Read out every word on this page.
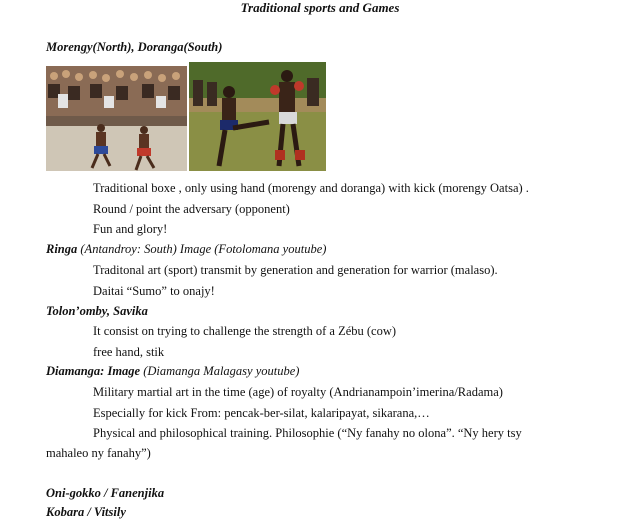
Traditional sports and Games
Morengy(North), Doranga(South)
Traditional boxe , only using hand (morengy and doranga) with kick (morengy Oatsa) .
Round / point the adversary (opponent)
Fun and glory!
Ringa (Antandroy: South) Image (Fotolomana youtube)
Traditonal art (sport) transmit by generation and generation for warrior (malaso).
Daitai “Sumo” to onajy!
Tolon’omby, Savika
It consist on trying to challenge the strength of a Zébu (cow)
free hand, stik
Diamanga: Image (Diamanga Malagasy youtube)
Military martial art in the time (age) of royalty (Andrianampoin’imerina/Radama)
Especially for kick From: pencak-ber-silat, kalaripayat, sikarana,…
Physical and philosophical training. Philosophie (“Ny fanahy no olona”. “Ny hery tsy
mahaleo ny fanahy”)
Oni-gokko / Fanenjika
Kobara / Vitsily
